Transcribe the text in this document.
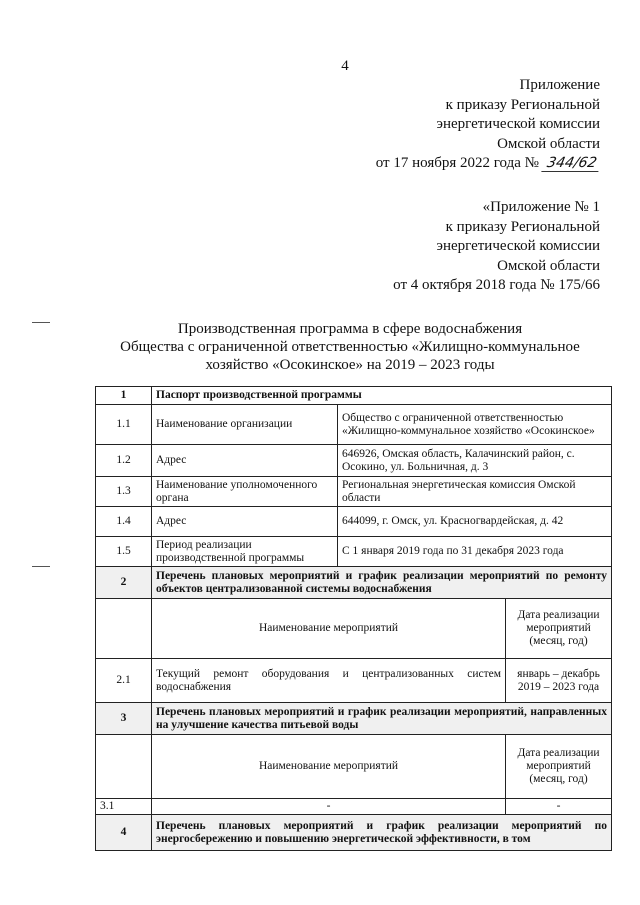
4
Приложение
к приказу Региональной
энергетической комиссии
Омской области
от 17 ноября 2022 года № 344/62
«Приложение № 1
к приказу Региональной
энергетической комиссии
Омской области
от 4 октября 2018 года № 175/66
Производственная программа в сфере водоснабжения
Общества с ограниченной ответственностью «Жилищно-коммунальное
хозяйство «Осокинское» на 2019 – 2023 годы
1	Паспорт производственной программы		
1.1	Наименование организации	Общество с ограниченной ответственностью «Жилищно-коммунальное хозяйство «Осокинское»	
1.2	Адрес	646926, Омская область, Калачинский район, с. Осокино, ул. Больничная, д. 3	
1.3	Наименование уполномоченного органа	Региональная энергетическая комиссия Омской области	
1.4	Адрес	644099, г. Омск, ул. Красногвардейская, д. 42	
1.5	Период реализации производственной программы	С 1 января 2019 года по 31 декабря 2023 года	
2	Перечень плановых мероприятий и график реализации мероприятий по ремонту объектов централизованной системы водоснабжения		
	Наименование мероприятий		Дата реализации мероприятий (месяц, год)
2.1	Текущий ремонт оборудования и централизованных систем водоснабжения		январь – декабрь 2019 – 2023 года
3	Перечень плановых мероприятий и график реализации мероприятий, направленных на улучшение качества питьевой воды		
	Наименование мероприятий		Дата реализации мероприятий (месяц, год)
3.1	-		-
4	Перечень плановых мероприятий и график реализации мероприятий по энергосбережению и повышению энергетической эффективности, в том		
